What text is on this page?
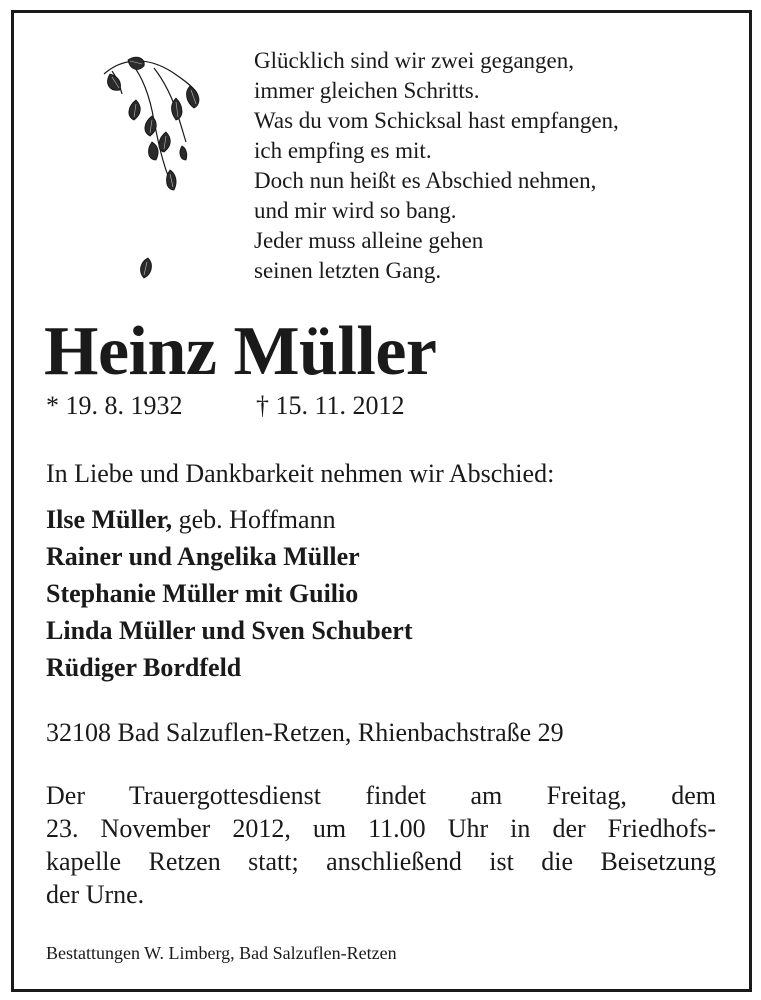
Glücklich sind wir zwei gegangen,
immer gleichen Schritts.
Was du vom Schicksal hast empfangen,
ich empfing es mit.
Doch nun heißt es Abschied nehmen,
und mir wird so bang.
Jeder muss alleine gehen
seinen letzten Gang.
Heinz Müller
* 19. 8. 1932	† 15. 11. 2012
In Liebe und Dankbarkeit nehmen wir Abschied:
Ilse Müller, geb. Hoffmann
Rainer und Angelika Müller
Stephanie Müller mit Guilio
Linda Müller und Sven Schubert
Rüdiger Bordfeld
32108 Bad Salzuflen-Retzen, Rhienbachstraße 29
Der Trauergottesdienst findet am Freitag, dem
23. November 2012, um 11.00 Uhr in der Friedhofs-
kapelle Retzen statt; anschließend ist die Beisetzung
der Urne.
Bestattungen W. Limberg, Bad Salzuflen-Retzen
